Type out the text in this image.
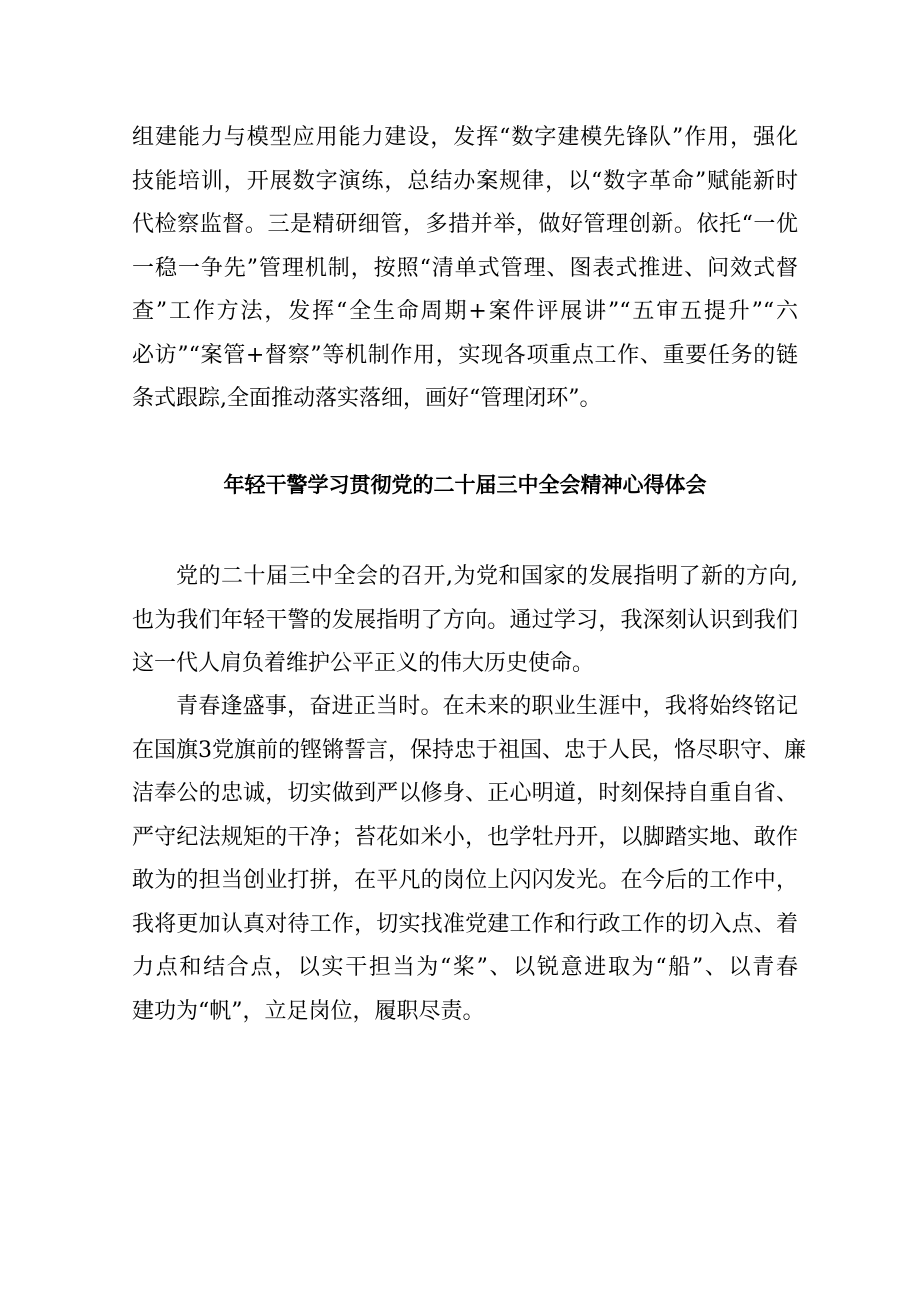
组建能力与模型应用能力建设，发挥“数字建模先锋队”作用，强化
技能培训，开展数字演练，总结办案规律，以“数字革命”赋能新时
代检察监督。三是精研细管，多措并举，做好管理创新。依托“一优
一稳一争先”管理机制，按照“清单式管理、图表式推进、问效式督
查”工作方法，发挥“全生命周期+案件评展讲”“五审五提升”“六
必访”“案管+督察”等机制作用，实现各项重点工作、重要任务的链
条式跟踪,全面推动落实落细，画好“管理闭环”。
年轻干警学习贯彻党的二十届三中全会精神心得体会
党的二十届三中全会的召开,为党和国家的发展指明了新的方向,
也为我们年轻干警的发展指明了方向。通过学习，我深刻认识到我们
这一代人肩负着维护公平正义的伟大历史使命。
青春逢盛事，奋进正当时。在未来的职业生涯中，我将始终铭记
在国旗3党旗前的铿锵誓言，保持忠于祖国、忠于人民，恪尽职守、廉
洁奉公的忠诚，切实做到严以修身、正心明道，时刻保持自重自省、
严守纪法规矩的干净；苔花如米小，也学牡丹开，以脚踏实地、敢作
敢为的担当创业打拼，在平凡的岗位上闪闪发光。在今后的工作中，
我将更加认真对待工作，切实找准党建工作和行政工作的切入点、着
力点和结合点，以实干担当为“桨”、以锐意进取为“船”、以青春
建功为“帆”，立足岗位，履职尽责。
